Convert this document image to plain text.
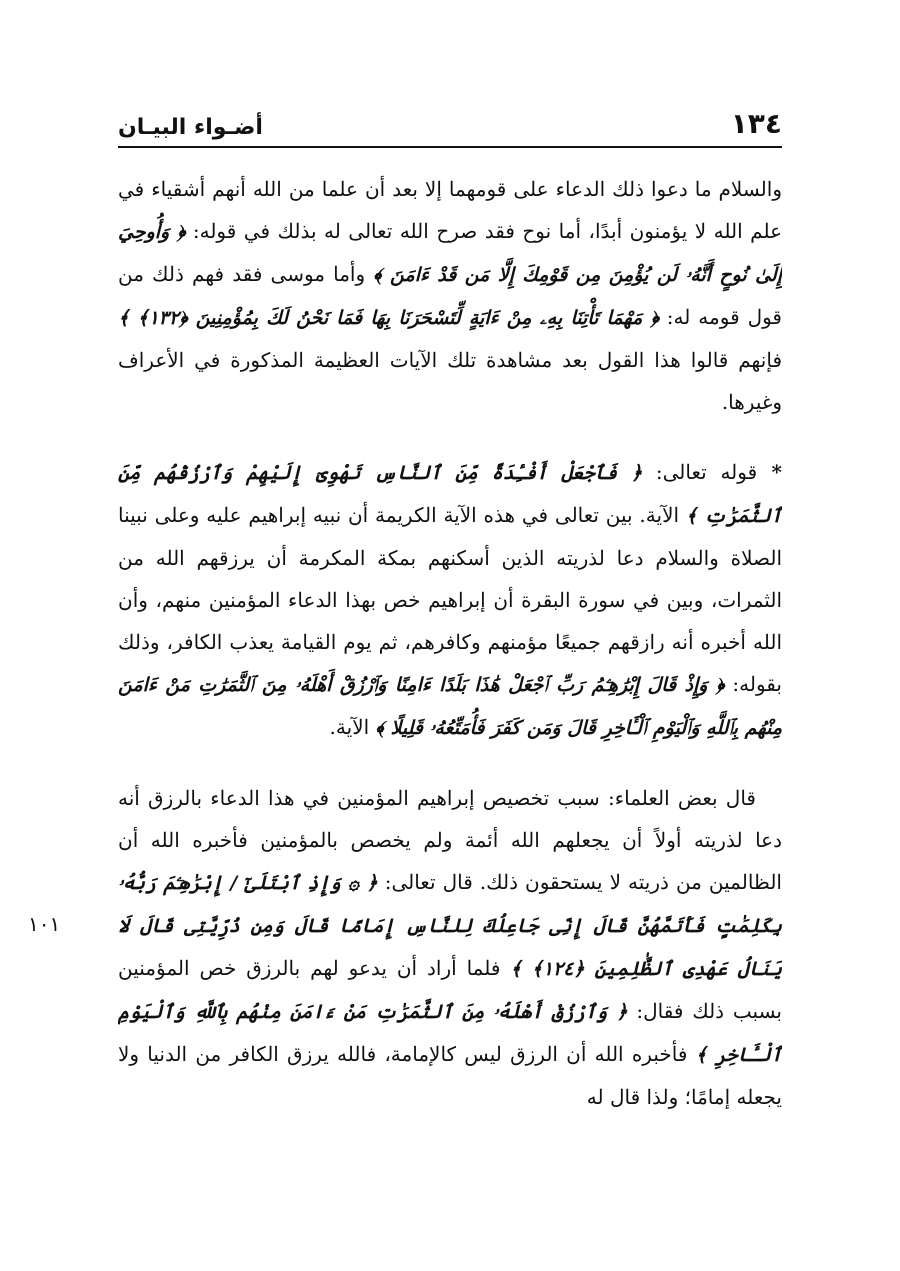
١٣٤
أضـواء البيـان

والسلام ما دعوا ذلك الدعاء على قومهما إلا بعد أن علما من الله أنهم أشقياء في علم الله لا يؤمنون أبدًا، أما نوح فقد صرح الله تعالى له بذلك في قوله: ﴿ وَأُوحِيَ إِلَىٰ نُوحٍ أَنَّهُۥ لَن يُؤْمِنَ مِن قَوْمِكَ إِلَّا مَن قَدْ ءَامَنَ ﴾ وأما موسى فقد فهم ذلك من قول قومه له: ﴿ مَهْمَا تَأْتِنَا بِهِۦ مِنْ ءَايَةٍ لِّتَسْحَرَنَا بِهَا فَمَا نَحْنُ لَكَ بِمُؤْمِنِينَ ﴿١٣٢﴾ ﴾ فإنهم قالوا هذا القول بعد مشاهدة تلك الآيات العظيمة المذكورة في الأعراف وغيرها.

* قوله تعالى: ﴿ فَٱجْعَلْ أَفْـِٔدَةً مِّنَ ٱلنَّاسِ تَهْوِىٓ إِلَيْهِمْ وَٱرْزُقْهُم مِّنَ ٱلثَّمَرَٰتِ ﴾ الآية. بين تعالى في هذه الآية الكريمة أن نبيه إبراهيم عليه وعلى نبينا الصلاة والسلام دعا لذريته الذين أسكنهم بمكة المكرمة أن يرزقهم الله من الثمرات، وبين في سورة البقرة أن إبراهيم خص بهذا الدعاء المؤمنين منهم، وأن الله أخبره أنه رازقهم جميعًا مؤمنهم وكافرهم، ثم يوم القيامة يعذب الكافر، وذلك بقوله: ﴿ وَإِذْ قَالَ إِبْرَٰهِـۧمُ رَبِّ ٱجْعَلْ هَٰذَا بَلَدًا ءَامِنًا وَٱرْزُقْ أَهْلَهُۥ مِنَ ٱلثَّمَرَٰتِ مَنْ ءَامَنَ مِنْهُم بِٱللَّهِ وَٱلْيَوْمِ ٱلْـَٔاخِرِ قَالَ وَمَن كَفَرَ فَأُمَتِّعُهُۥ قَلِيلًا ﴾ الآية.

قال بعض العلماء: سبب تخصيص إبراهيم المؤمنين في هذا الدعاء بالرزق أنه دعا لذريته أولاً أن يجعلهم الله أئمة ولم يخصص بالمؤمنين فأخبره الله أن الظالمين من ذريته لا يستحقون ذلك. قال تعالى: ﴿ ۞ وَإِذِ ٱبْتَلَىٰٓ / إِبْرَٰهِـۧمَ رَبُّهُۥ بِكَلِمَٰتٍ فَأَتَمَّهُنَّ قَالَ إِنِّى جَاعِلُكَ لِلنَّاسِ إِمَامًا قَالَ وَمِن ذُرِّيَّتِى قَالَ لَا يَنَالُ عَهْدِى ٱلظَّٰلِمِينَ ﴿١٢٤﴾ ﴾ فلما أراد أن يدعو لهم بالرزق خص المؤمنين بسبب ذلك فقال: ﴿ وَٱرْزُقْ أَهْلَهُۥ مِنَ ٱلثَّمَرَٰتِ مَنْ ءَامَنَ مِنْهُم بِٱللَّهِ وَٱلْيَوْمِ ٱلْـَٔاخِرِ ﴾ فأخبره الله أن الرزق ليس كالإمامة، فالله يرزق الكافر من الدنيا ولا يجعله إمامًا؛ ولذا قال له

١٠١
